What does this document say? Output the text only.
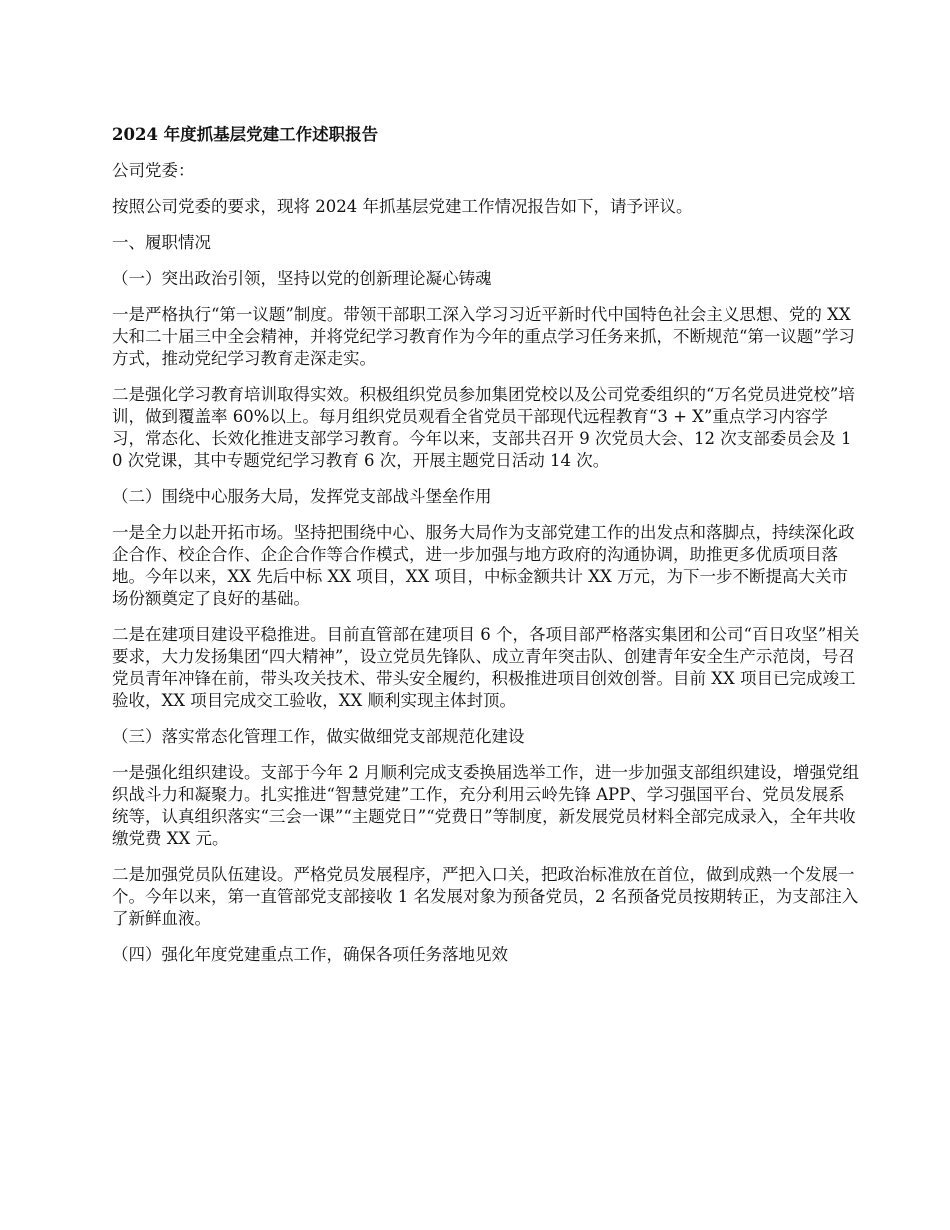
2024 年度抓基层党建工作述职报告

公司党委：

按照公司党委的要求，现将 2024 年抓基层党建工作情况报告如下，请予评议。

一、履职情况

（一）突出政治引领，坚持以党的创新理论凝心铸魂

一是严格执行“第一议题”制度。带领干部职工深入学习习近平新时代中国特色社会主义思想、党的 XX 大和二十届三中全会精神，并将党纪学习教育作为今年的重点学习任务来抓，不断规范“第一议题”学习方式，推动党纪学习教育走深走实。

二是强化学习教育培训取得实效。积极组织党员参加集团党校以及公司党委组织的“万名党员进党校”培训，做到覆盖率 60%以上。每月组织党员观看全省党员干部现代远程教育“3 + X”重点学习内容学习，常态化、长效化推进支部学习教育。今年以来，支部共召开 9 次党员大会、12 次支部委员会及 10 次党课，其中专题党纪学习教育 6 次，开展主题党日活动 14 次。

（二）围绕中心服务大局，发挥党支部战斗堡垒作用

一是全力以赴开拓市场。坚持把围绕中心、服务大局作为支部党建工作的出发点和落脚点，持续深化政企合作、校企合作、企企合作等合作模式，进一步加强与地方政府的沟通协调，助推更多优质项目落地。今年以来，XX 先后中标 XX 项目，XX 项目，中标金额共计 XX 万元，为下一步不断提高大关市场份额奠定了良好的基础。

二是在建项目建设平稳推进。目前直管部在建项目 6 个，各项目部严格落实集团和公司“百日攻坚”相关要求，大力发扬集团“四大精神”，设立党员先锋队、成立青年突击队、创建青年安全生产示范岗，号召党员青年冲锋在前，带头攻关技术、带头安全履约，积极推进项目创效创誉。目前 XX 项目已完成竣工验收，XX 项目完成交工验收，XX 顺利实现主体封顶。

（三）落实常态化管理工作，做实做细党支部规范化建设

一是强化组织建设。支部于今年 2 月顺利完成支委换届选举工作，进一步加强支部组织建设，增强党组织战斗力和凝聚力。扎实推进“智慧党建”工作，充分利用云岭先锋 APP、学习强国平台、党员发展系统等，认真组织落实“三会一课”“主题党日”“党费日”等制度，新发展党员材料全部完成录入，全年共收缴党费 XX 元。

二是加强党员队伍建设。严格党员发展程序，严把入口关，把政治标准放在首位，做到成熟一个发展一个。今年以来，第一直管部党支部接收 1 名发展对象为预备党员，2 名预备党员按期转正，为支部注入了新鲜血液。

（四）强化年度党建重点工作，确保各项任务落地见效
